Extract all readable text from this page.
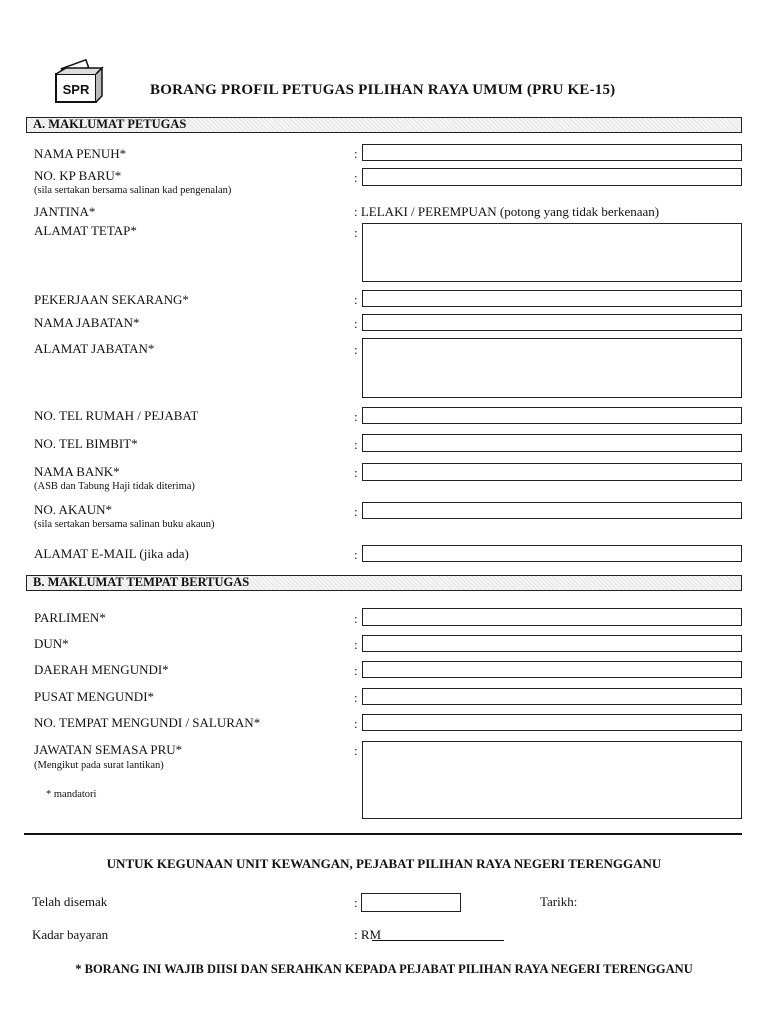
SPR	BORANG PROFIL PETUGAS PILIHAN RAYA UMUM (PRU KE-15)
A. MAKLUMAT PETUGAS
NAMA PENUH*	:
NO. KP BARU*
(sila sertakan bersama salinan kad pengenalan)
:
JANTINA*	: LELAKI / PEREMPUAN (potong yang tidak berkenaan)
ALAMAT TETAP*	:
PEKERJAAN SEKARANG*	:
NAMA JABATAN*	:
ALAMAT JABATAN*	:
NO. TEL RUMAH / PEJABAT	:
NO. TEL BIMBIT*	:
NAMA BANK*
(ASB dan Tabung Haji tidak diterima)
:
NO. AKAUN*
(sila sertakan bersama salinan buku akaun)
:
ALAMAT E-MAIL (jika ada)	:
B. MAKLUMAT TEMPAT BERTUGAS
PARLIMEN*	:
DUN*	:
DAERAH MENGUNDI*	:
PUSAT MENGUNDI*	:
NO. TEMPAT MENGUNDI / SALURAN*	:
JAWATAN SEMASA PRU*
(Mengikut pada surat lantikan)
:
* mandatori
UNTUK KEGUNAAN UNIT KEWANGAN, PEJABAT PILIHAN RAYA NEGERI TERENGGANU
Telah disemak	:	Tarikh:
Kadar bayaran	: RM
* BORANG INI WAJIB DIISI DAN SERAHKAN KEPADA PEJABAT PILIHAN RAYA NEGERI TERENGGANU
